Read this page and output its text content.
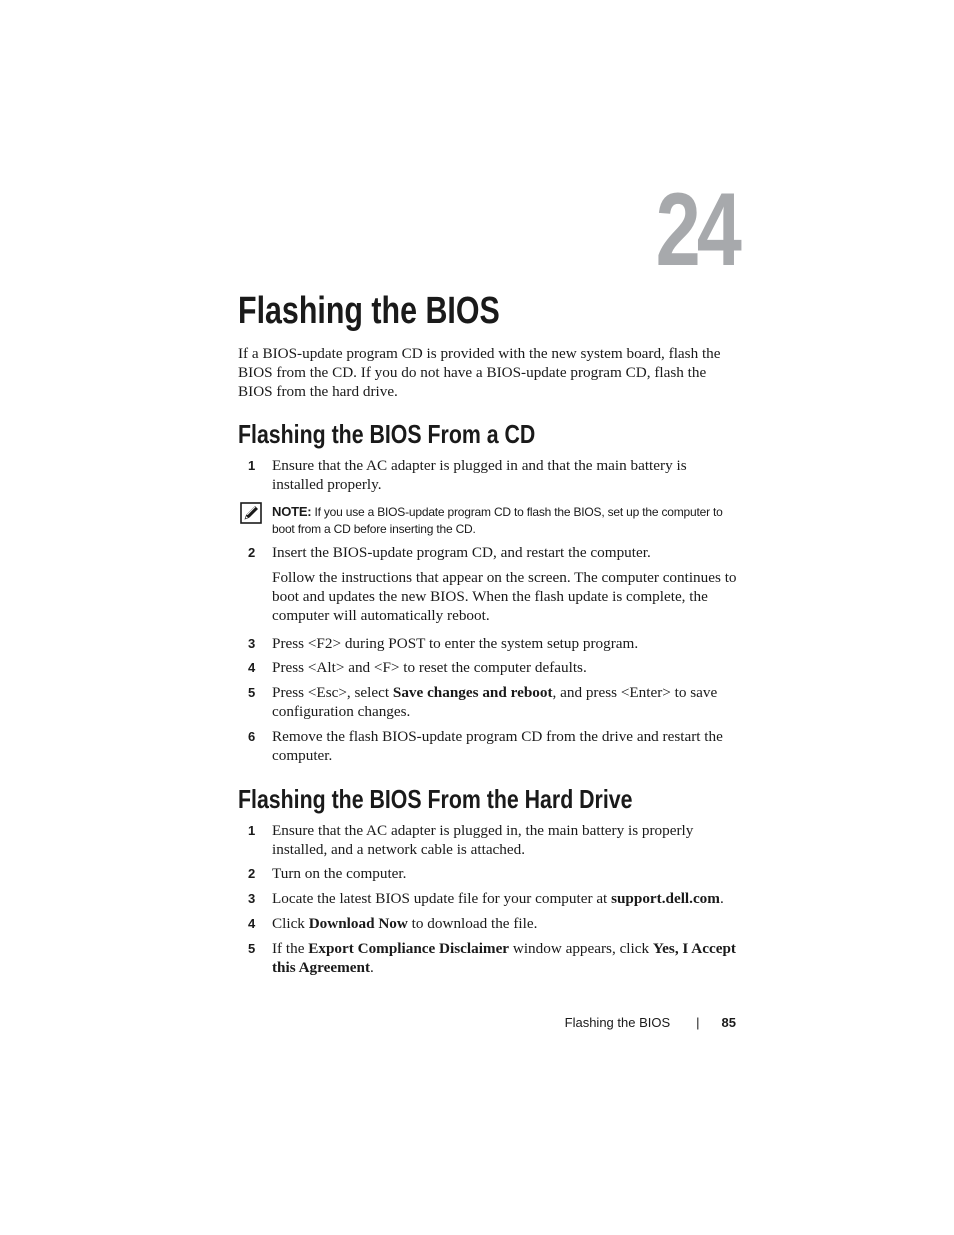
24
Flashing the BIOS

If a BIOS-update program CD is provided with the new system board, flash the BIOS from the CD. If you do not have a BIOS-update program CD, flash the BIOS from the hard drive.

Flashing the BIOS From a CD
1	Ensure that the AC adapter is plugged in and that the main battery is installed properly.

NOTE: If you use a BIOS-update program CD to flash the BIOS, set up the computer to boot from a CD before inserting the CD.

2	Insert the BIOS-update program CD, and restart the computer.

Follow the instructions that appear on the screen. The computer continues to boot and updates the new BIOS. When the flash update is complete, the computer will automatically reboot.

3	Press <F2> during POST to enter the system setup program.
4	Press <Alt> and <F> to reset the computer defaults.
5	Press <Esc>, select Save changes and reboot, and press <Enter> to save configuration changes.
6	Remove the flash BIOS-update program CD from the drive and restart the computer.
Flashing the BIOS From the Hard Drive
1	Ensure that the AC adapter is plugged in, the main battery is properly installed, and a network cable is attached.
2	Turn on the computer.
3	Locate the latest BIOS update file for your computer at support.dell.com.
4	Click Download Now to download the file.
5	If the Export Compliance Disclaimer window appears, click Yes, I Accept this Agreement.
Flashing the BIOS | 85
